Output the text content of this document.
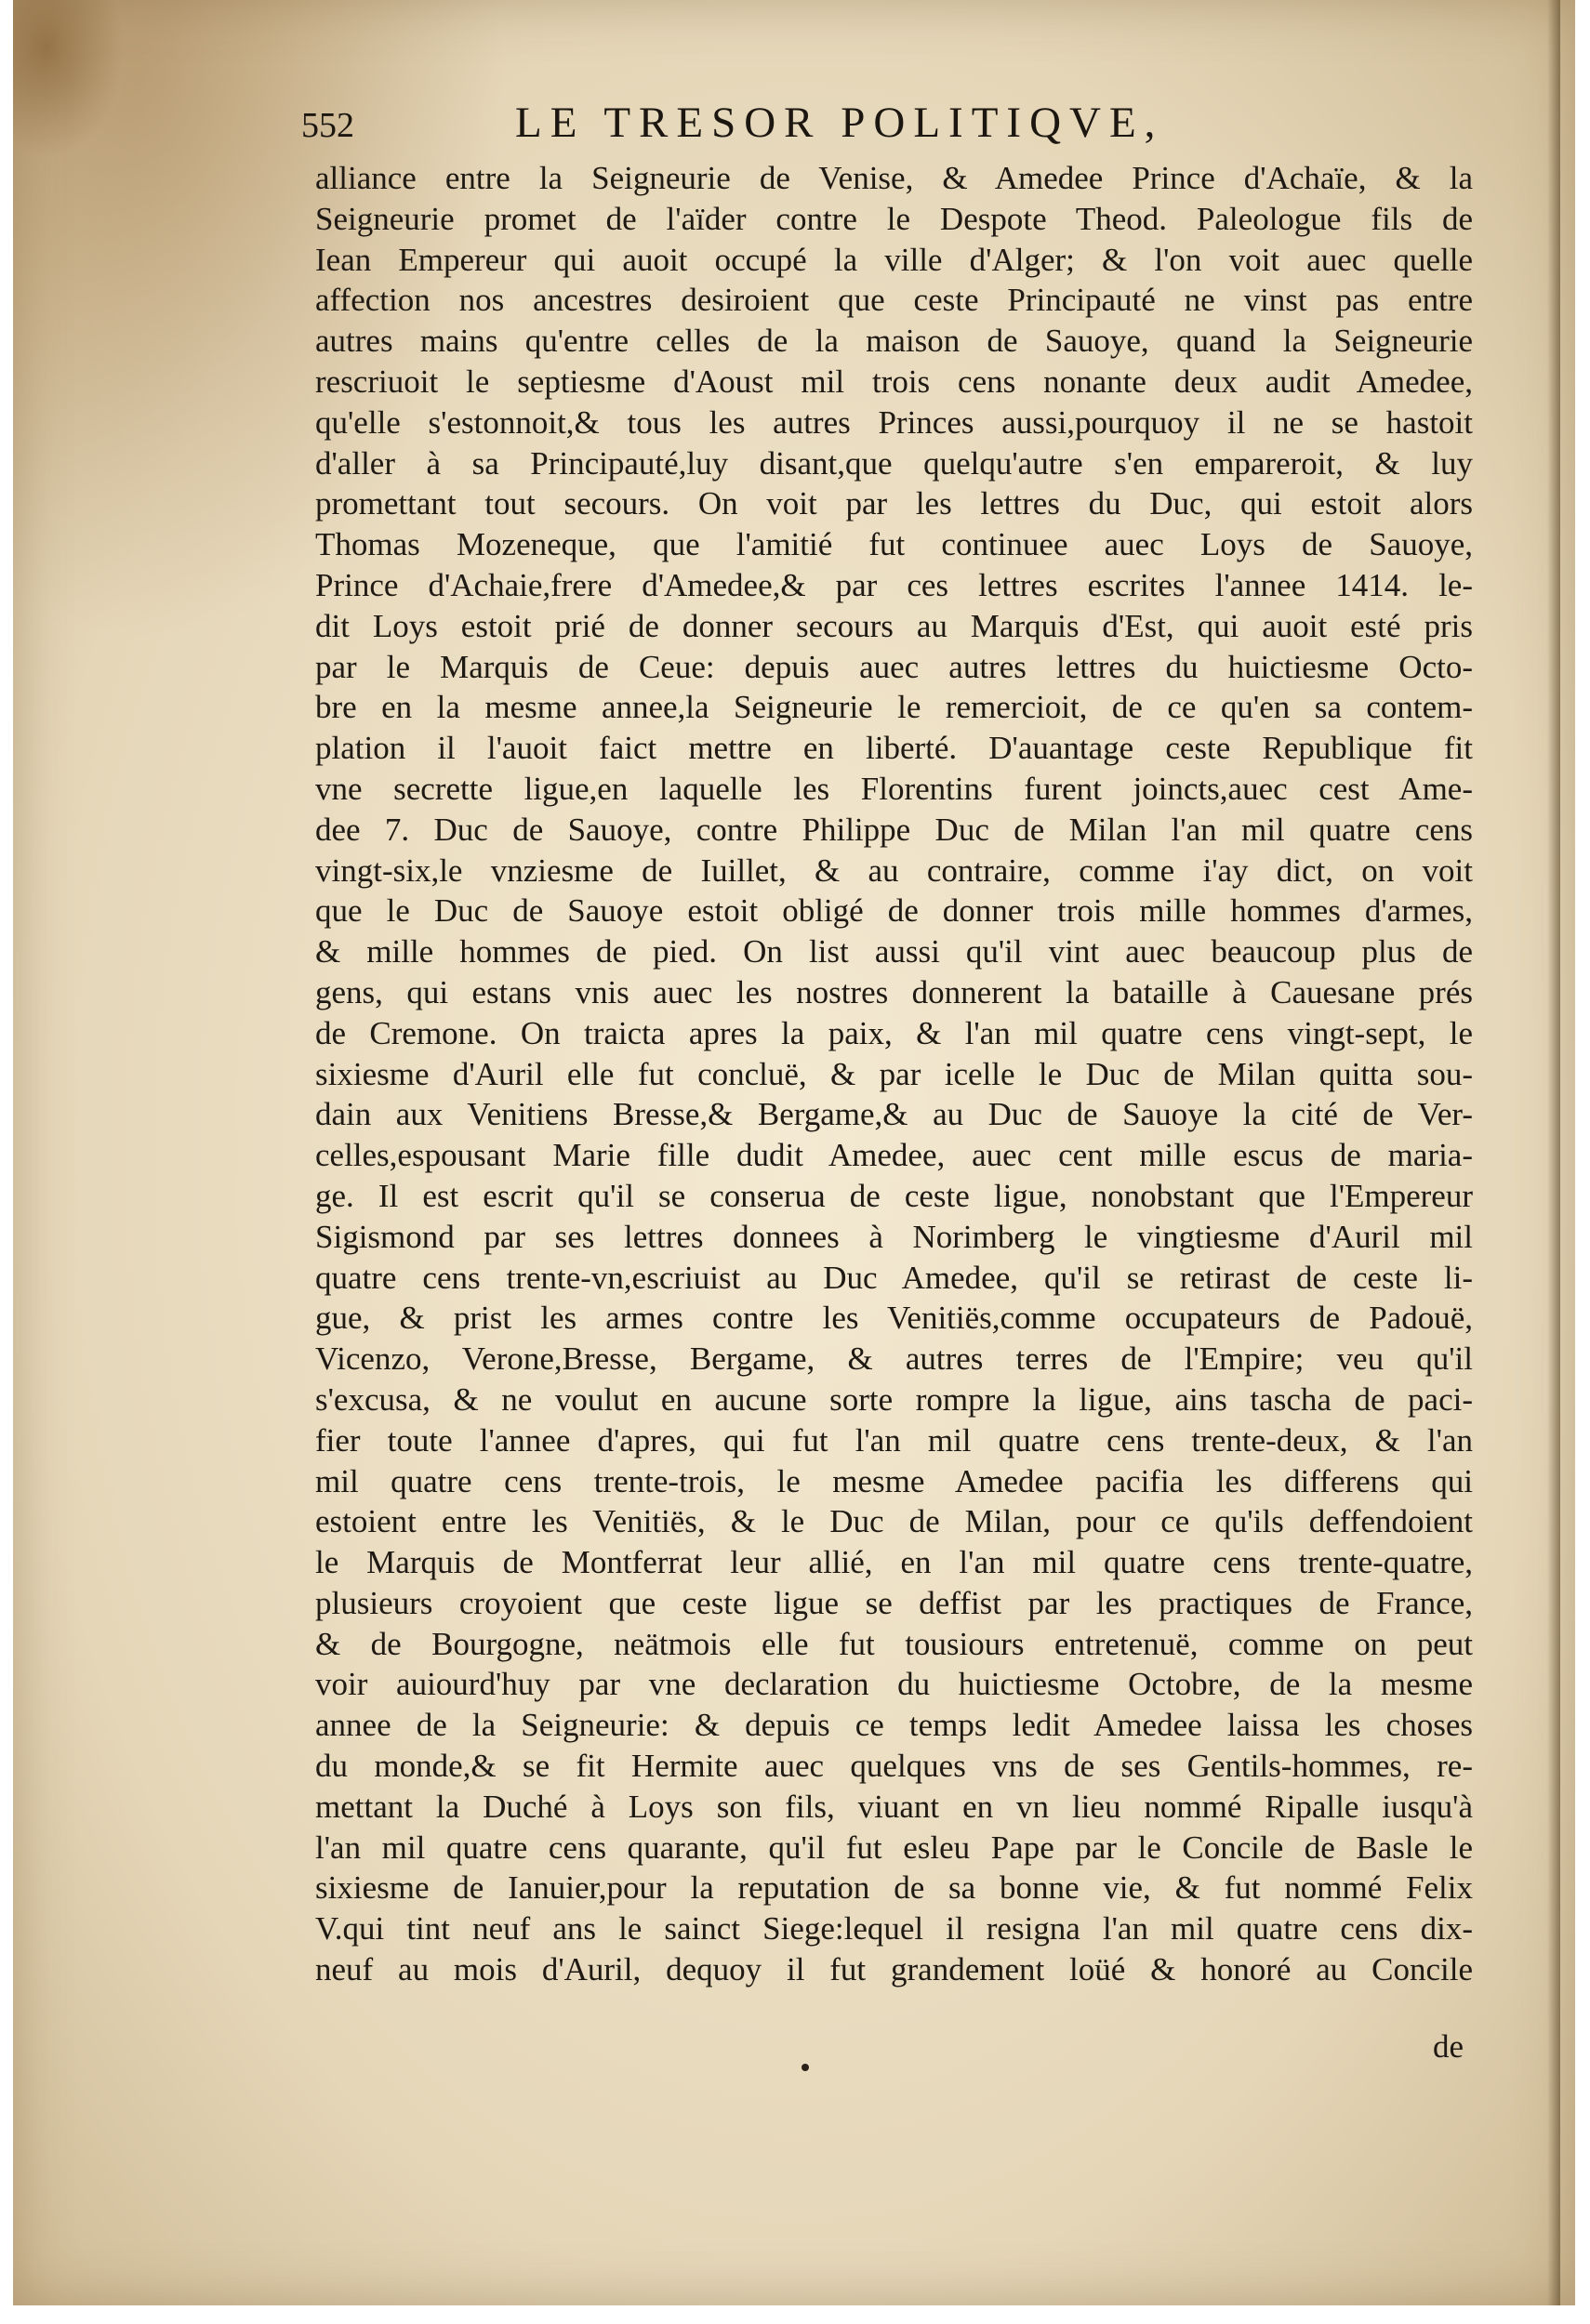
552	LE TRESOR POLITIQVE,
alliance entre la Seigneurie de Venise, & Amedee Prince d'Achaïe, & la
Seigneurie promet de l'aïder contre le Despote Theod. Paleologue fils de
Iean Empereur qui auoit occupé la ville d'Alger; & l'on voit auec quelle
affection nos ancestres desiroient que ceste Principauté ne vinst pas entre
autres mains qu'entre celles de la maison de Sauoye, quand la Seigneurie
rescriuoit le septiesme d'Aoust mil trois cens nonante deux audit Amedee,
qu'elle s'estonnoit,& tous les autres Princes aussi,pourquoy il ne se hastoit
d'aller à sa Principauté,luy disant,que quelqu'autre s'en empareroit, & luy
promettant tout secours. On voit par les lettres du Duc, qui estoit alors
Thomas Mozeneque, que l'amitié fut continuee auec Loys de Sauoye,
Prince d'Achaie,frere d'Amedee,& par ces lettres escrites l'annee 1414. le-
dit Loys estoit prié de donner secours au Marquis d'Est, qui auoit esté pris
par le Marquis de Ceue: depuis auec autres lettres du huictiesme Octo-
bre en la mesme annee,la Seigneurie le remercioit, de ce qu'en sa contem-
plation il l'auoit faict mettre en liberté. D'auantage ceste Republique fit
vne secrette ligue,en laquelle les Florentins furent joincts,auec cest Ame-
dee 7. Duc de Sauoye, contre Philippe Duc de Milan l'an mil quatre cens
vingt-six,le vnziesme de Iuillet, & au contraire, comme i'ay dict, on voit
que le Duc de Sauoye estoit obligé de donner trois mille hommes d'armes,
& mille hommes de pied. On list aussi qu'il vint auec beaucoup plus de
gens, qui estans vnis auec les nostres donnerent la bataille à Cauesane prés
de Cremone. On traicta apres la paix, & l'an mil quatre cens vingt-sept, le
sixiesme d'Auril elle fut concluë, & par icelle le Duc de Milan quitta sou-
dain aux Venitiens Bresse,& Bergame,& au Duc de Sauoye la cité de Ver-
celles,espousant Marie fille dudit Amedee, auec cent mille escus de maria-
ge. Il est escrit qu'il se conserua de ceste ligue, nonobstant que l'Empereur
Sigismond par ses lettres donnees à Norimberg le vingtiesme d'Auril mil
quatre cens trente-vn,escriuist au Duc Amedee, qu'il se retirast de ceste li-
gue, & prist les armes contre les Venitiës,comme occupateurs de Padouë,
Vicenzo, Verone,Bresse, Bergame, & autres terres de l'Empire; veu qu'il
s'excusa, & ne voulut en aucune sorte rompre la ligue, ains tascha de paci-
fier toute l'annee d'apres, qui fut l'an mil quatre cens trente-deux, & l'an
mil quatre cens trente-trois, le mesme Amedee pacifia les differens qui
estoient entre les Venitiës, & le Duc de Milan, pour ce qu'ils deffendoient
le Marquis de Montferrat leur allié, en l'an mil quatre cens trente-quatre,
plusieurs croyoient que ceste ligue se deffist par les practiques de France,
& de Bourgogne, neätmois elle fut tousiours entretenuë, comme on peut
voir auiourd'huy par vne declaration du huictiesme Octobre, de la mesme
annee de la Seigneurie: & depuis ce temps ledit Amedee laissa les choses
du monde,& se fit Hermite auec quelques vns de ses Gentils-hommes, re-
mettant la Duché à Loys son fils, viuant en vn lieu nommé Ripalle iusqu'à
l'an mil quatre cens quarante, qu'il fut esleu Pape par le Concile de Basle le
sixiesme de Ianuier,pour la reputation de sa bonne vie, & fut nommé Felix
V.qui tint neuf ans le sainct Siege:lequel il resigna l'an mil quatre cens dix-
neuf au mois d'Auril, dequoy il fut grandement loüé & honoré au Concile
de
